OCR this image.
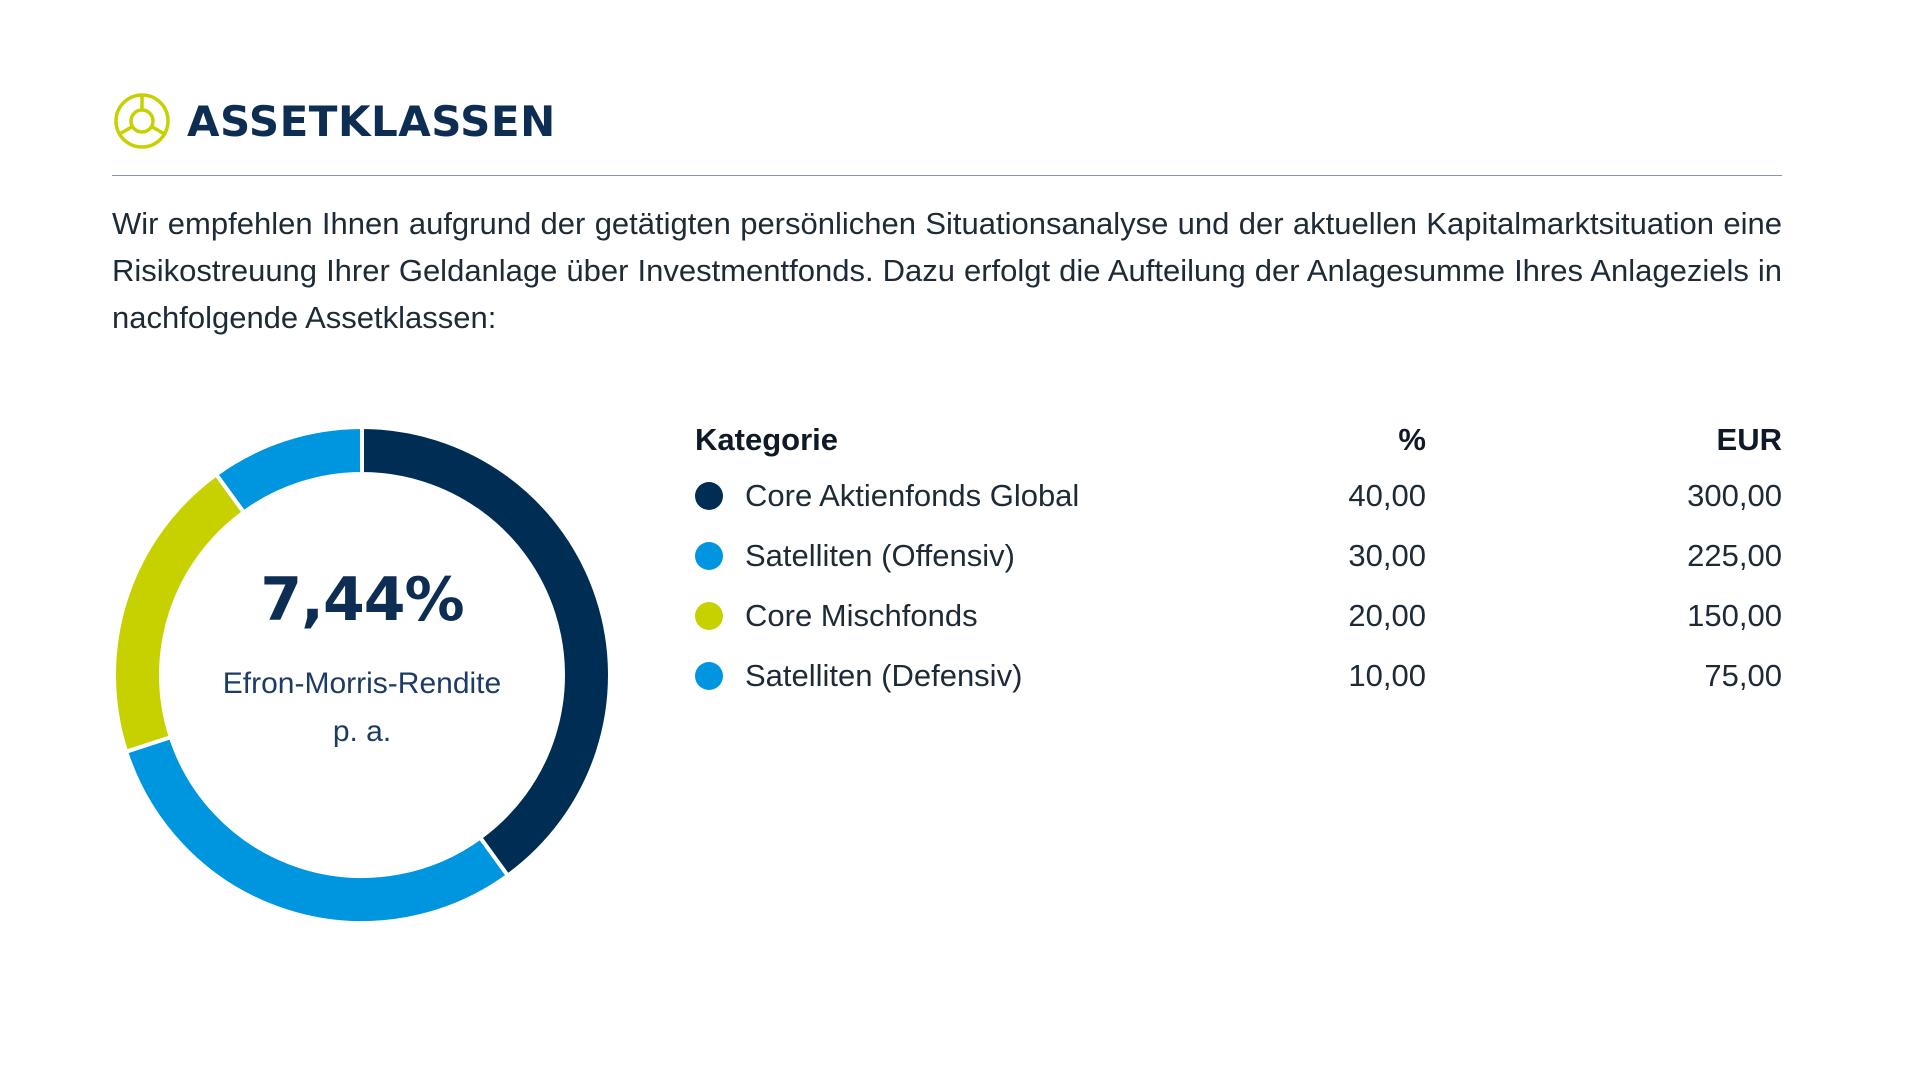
ASSETKLASSEN

Wir empfehlen Ihnen aufgrund der getätigten persönlichen Situationsanalyse und der aktuellen Kapitalmarktsituation eine Risikostreuung Ihrer Geldanlage über Investmentfonds. Dazu erfolgt die Aufteilung der Anlagesumme Ihres Anlageziels in nachfolgende Assetklassen:

7,44%
Efron-Morris-Rendite
p. a.
Kategorie	%	EUR
Core Aktienfonds Global	40,00	300,00
Satelliten (Offensiv)	30,00	225,00
Core Mischfonds	20,00	150,00
Satelliten (Defensiv)	10,00	75,00
